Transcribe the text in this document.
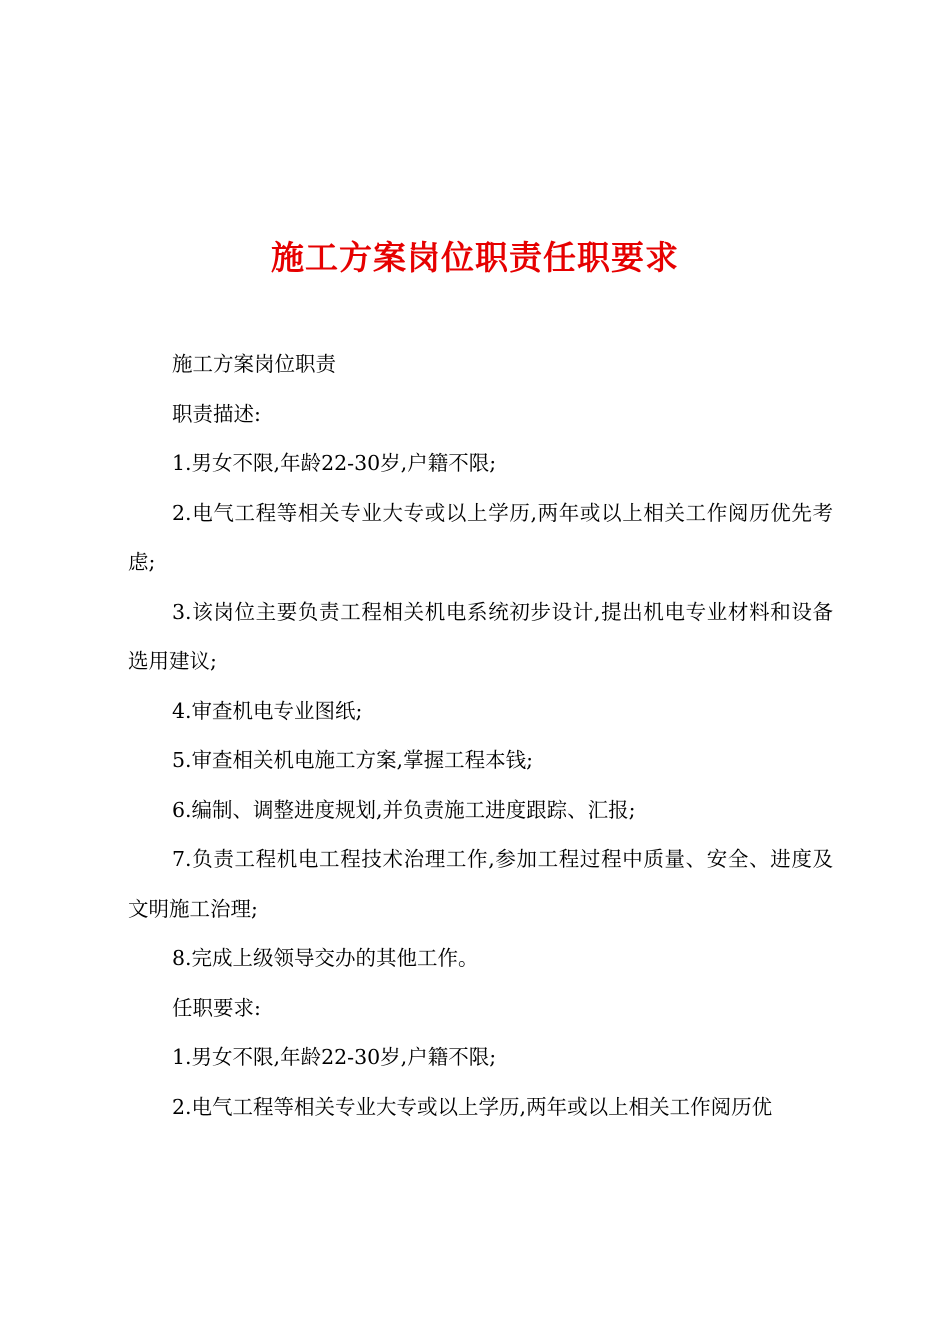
施工方案岗位职责任职要求

施工方案岗位职责

职责描述:

1.男女不限,年龄22-30岁,户籍不限;

2.电气工程等相关专业大专或以上学历,两年或以上相关工作阅历优先考虑;

3.该岗位主要负责工程相关机电系统初步设计,提出机电专业材料和设备选用建议;

4.审查机电专业图纸;

5.审查相关机电施工方案,掌握工程本钱;

6.编制、调整进度规划,并负责施工进度跟踪、汇报;

7.负责工程机电工程技术治理工作,参加工程过程中质量、安全、进度及文明施工治理;

8.完成上级领导交办的其他工作。

任职要求:

1.男女不限,年龄22-30岁,户籍不限;

2.电气工程等相关专业大专或以上学历,两年或以上相关工作阅历优
